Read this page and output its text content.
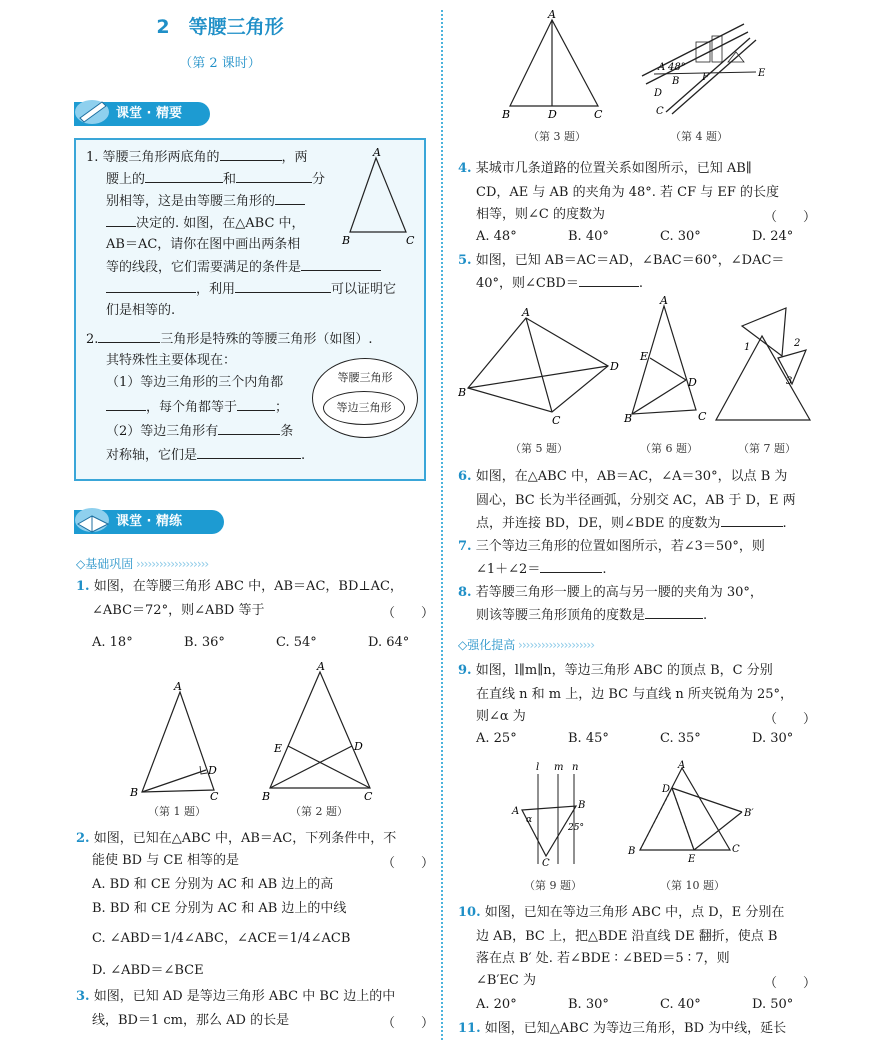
2　等腰三角形
（第 2 课时）
课堂 · 精要
1. 等腰三角形两底角的	，两
腰上的	和	分
别相等，这是由等腰三角形的
决定的. 如图，在△ABC 中，
AB＝AC，请你在图中画出两条相
等的线段，它们需要满足的条件是
，利用	可以证明它
们是相等的.
A
B	C
2.	三角形是特殊的等腰三角形（如图）.
其特殊性主要体现在：
（1）等边三角形的三个内角都
，每个角都等于	；
（2）等边三角形有	条
对称轴，它们是	.
等腰三角形
等边三角形
课堂 · 精练
◇基础巩固 ›››››››››››››››››››
1. 如图，在等腰三角形 ABC 中，AB＝AC，BD⊥AC，
∠ABC＝72°，则∠ABD 等于	（　　）
A. 18°	B. 36°	C. 54°	D. 64°
A
B	C
D
（第 1 题）
A
B	C
D
E
（第 2 题）
2. 如图，已知在△ABC 中，AB＝AC，下列条件中，不
能使 BD 与 CE 相等的是	（　　）
A. BD 和 CE 分别为 AC 和 AB 边上的高
B. BD 和 CE 分别为 AC 和 AB 边上的中线
C. ∠ABD＝1/4∠ABC，∠ACE＝1/4∠ACB
D. ∠ABD＝∠BCE
3. 如图，已知 AD 是等边三角形 ABC 中 BC 边上的中
线，BD＝1 cm，那么 AD 的长是	（　　）
A
B	D	C
（第 3 题）
48°
A
B F	E
D
C
（第 4 题）
4. 某城市几条道路的位置关系如图所示，已知 AB∥
CD，AE 与 AB 的夹角为 48°. 若 CF 与 EF 的长度
相等，则∠C 的度数为	（　　）
A. 48°	B. 40°	C. 30°	D. 24°
5. 如图，已知 AB＝AC＝AD，∠BAC＝60°，∠DAC＝
40°，则∠CBD＝	.
A
B
C
D
（第 5 题）
A
B	C
D
E
（第 6 题）
1	2
3
（第 7 题）
6. 如图，在△ABC 中，AB＝AC，∠A＝30°，以点 B 为
圆心，BC 长为半径画弧，分别交 AC，AB 于 D，E 两
点，并连接 BD，DE，则∠BDE 的度数为	.
7. 三个等边三角形的位置如图所示，若∠3＝50°，则
∠1＋∠2＝	.
8. 若等腰三角形一腰上的高与另一腰的夹角为 30°，
则该等腰三角形顶角的度数是	.
◇强化提高 ››››››››››››››››››››
9. 如图，l∥m∥n，等边三角形 ABC 的顶点 B，C 分别
在直线 n 和 m 上，边 BC 与直线 n 所夹锐角为 25°，
则∠α 为	（　　）
A. 25°	B. 45°	C. 35°	D. 30°
l m n
A
B
C
α
25°
（第 9 题）
A
D
B′
B
E
C
（第 10 题）
10. 如图，已知在等边三角形 ABC 中，点 D，E 分别在
边 AB，BC 上，把△BDE 沿直线 DE 翻折，使点 B
落在点 B′ 处. 若∠BDE ∶ ∠BED＝5 ∶ 7，则
∠B′EC 为	（　　）
A. 20°	B. 30°	C. 40°	D. 50°
11. 如图，已知△ABC 为等边三角形，BD 为中线，延长
